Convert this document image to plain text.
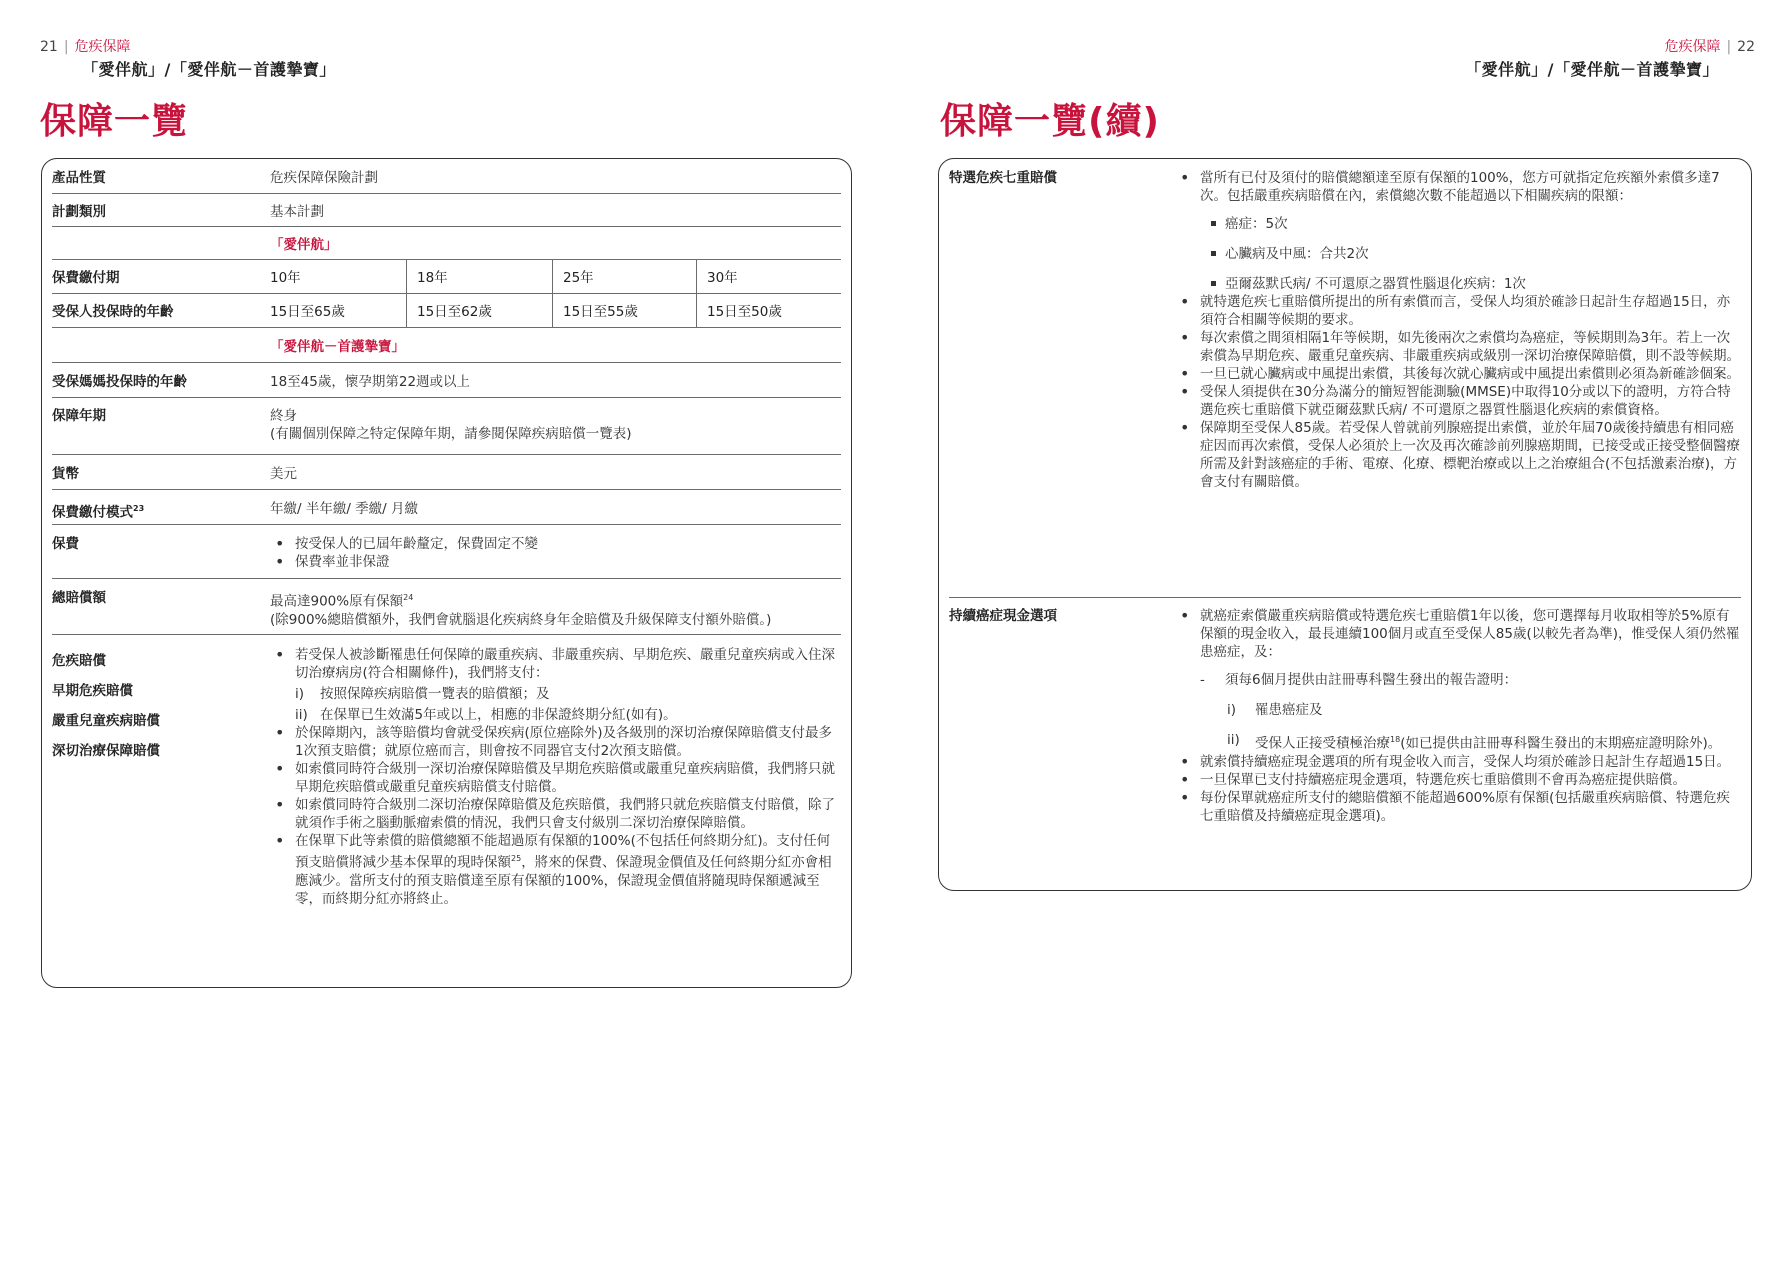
21 | 危疾保障
「愛伴航」/「愛伴航－首護摯寶」
保障一覽
產品性質	危疾保障保險計劃
計劃類別	基本計劃
「愛伴航」
保費繳付期	10年	18年	25年	30年
受保人投保時的年齡	15日至65歲	15日至62歲	15日至55歲	15日至50歲
「愛伴航－首護摯寶」
受保媽媽投保時的年齡	18至45歲，懷孕期第22週或以上
保障年期	終身
(有關個別保障之特定保障年期，請參閱保障疾病賠償一覽表)
貨幣	美元
保費繳付模式$^{23}$	年繳/ 半年繳/ 季繳/ 月繳
保費	• 按受保人的已屆年齡釐定，保費固定不變
• 保費率並非保證
總賠償額	最高達900%原有保額$^{24}$
(除900%總賠償額外，我們會就腦退化疾病終身年金賠償及升級保障支付額外賠償。)
危疾賠償
早期危疾賠償
嚴重兒童疾病賠償
深切治療保障賠償
• 若受保人被診斷罹患任何保障的嚴重疾病、非嚴重疾病、早期危疾、嚴重兒童疾病或入住深切治療病房(符合相關條件)，我們將支付：
i) 按照保障疾病賠償一覽表的賠償額；及
ii) 在保單已生效滿5年或以上，相應的非保證終期分紅(如有)。
• 於保障期內，該等賠償均會就受保疾病(原位癌除外)及各級別的深切治療保障賠償支付最多1次預支賠償；就原位癌而言，則會按不同器官支付2次預支賠償。
• 如索償同時符合級別一深切治療保障賠償及早期危疾賠償或嚴重兒童疾病賠償，我們將只就早期危疾賠償或嚴重兒童疾病賠償支付賠償。
• 如索償同時符合級別二深切治療保障賠償及危疾賠償，我們將只就危疾賠償支付賠償，除了就須作手術之腦動脈瘤索償的情況，我們只會支付級別二深切治療保障賠償。
• 在保單下此等索償的賠償總額不能超過原有保額的100%(不包括任何終期分紅)。支付任何預支賠償將減少基本保單的現時保額$^{25}$，將來的保費、保證現金價值及任何終期分紅亦會相應減少。當所支付的預支賠償達至原有保額的100%，保證現金價值將隨現時保額遞減至零，而終期分紅亦將終止。
危疾保障 | 22
「愛伴航」/「愛伴航－首護摯寶」
保障一覽(續)
特選危疾七重賠償	• 當所有已付及須付的賠償總額達至原有保額的100%，您方可就指定危疾額外索償多達7次。包括嚴重疾病賠償在內，索償總次數不能超過以下相關疾病的限額：
癌症：5次
心臟病及中風：合共2次
亞爾茲默氏病/ 不可還原之器質性腦退化疾病：1次
• 就特選危疾七重賠償所提出的所有索償而言，受保人均須於確診日起計生存超過15日，亦須符合相關等候期的要求。
• 每次索償之間須相隔1年等候期，如先後兩次之索償均為癌症，等候期則為3年。若上一次索償為早期危疾、嚴重兒童疾病、非嚴重疾病或級別一深切治療保障賠償，則不設等候期。
• 一旦已就心臟病或中風提出索償，其後每次就心臟病或中風提出索償則必須為新確診個案。
• 受保人須提供在30分為滿分的簡短智能測驗(MMSE)中取得10分或以下的證明，方符合特選危疾七重賠償下就亞爾茲默氏病/ 不可還原之器質性腦退化疾病的索償資格。
• 保障期至受保人85歲。若受保人曾就前列腺癌提出索償，並於年屆70歲後持續患有相同癌症因而再次索償，受保人必須於上一次及再次確診前列腺癌期間，已接受或正接受整個醫療所需及針對該癌症的手術、電療、化療、標靶治療或以上之治療組合(不包括激素治療)，方會支付有關賠償。
持續癌症現金選項	• 就癌症索償嚴重疾病賠償或特選危疾七重賠償1年以後，您可選擇每月收取相等於5%原有保額的現金收入，最長連續100個月或直至受保人85歲(以較先者為準)，惟受保人須仍然罹患癌症，及：
- 須每6個月提供由註冊專科醫生發出的報告證明：
i) 罹患癌症及
ii) 受保人正接受積極治療$^{18}$(如已提供由註冊專科醫生發出的末期癌症證明除外)。
• 就索償持續癌症現金選項的所有現金收入而言，受保人均須於確診日起計生存超過15日。
• 一旦保單已支付持續癌症現金選項，特選危疾七重賠償則不會再為癌症提供賠償。
• 每份保單就癌症所支付的總賠償額不能超過600%原有保額(包括嚴重疾病賠償、特選危疾七重賠償及持續癌症現金選項)。
